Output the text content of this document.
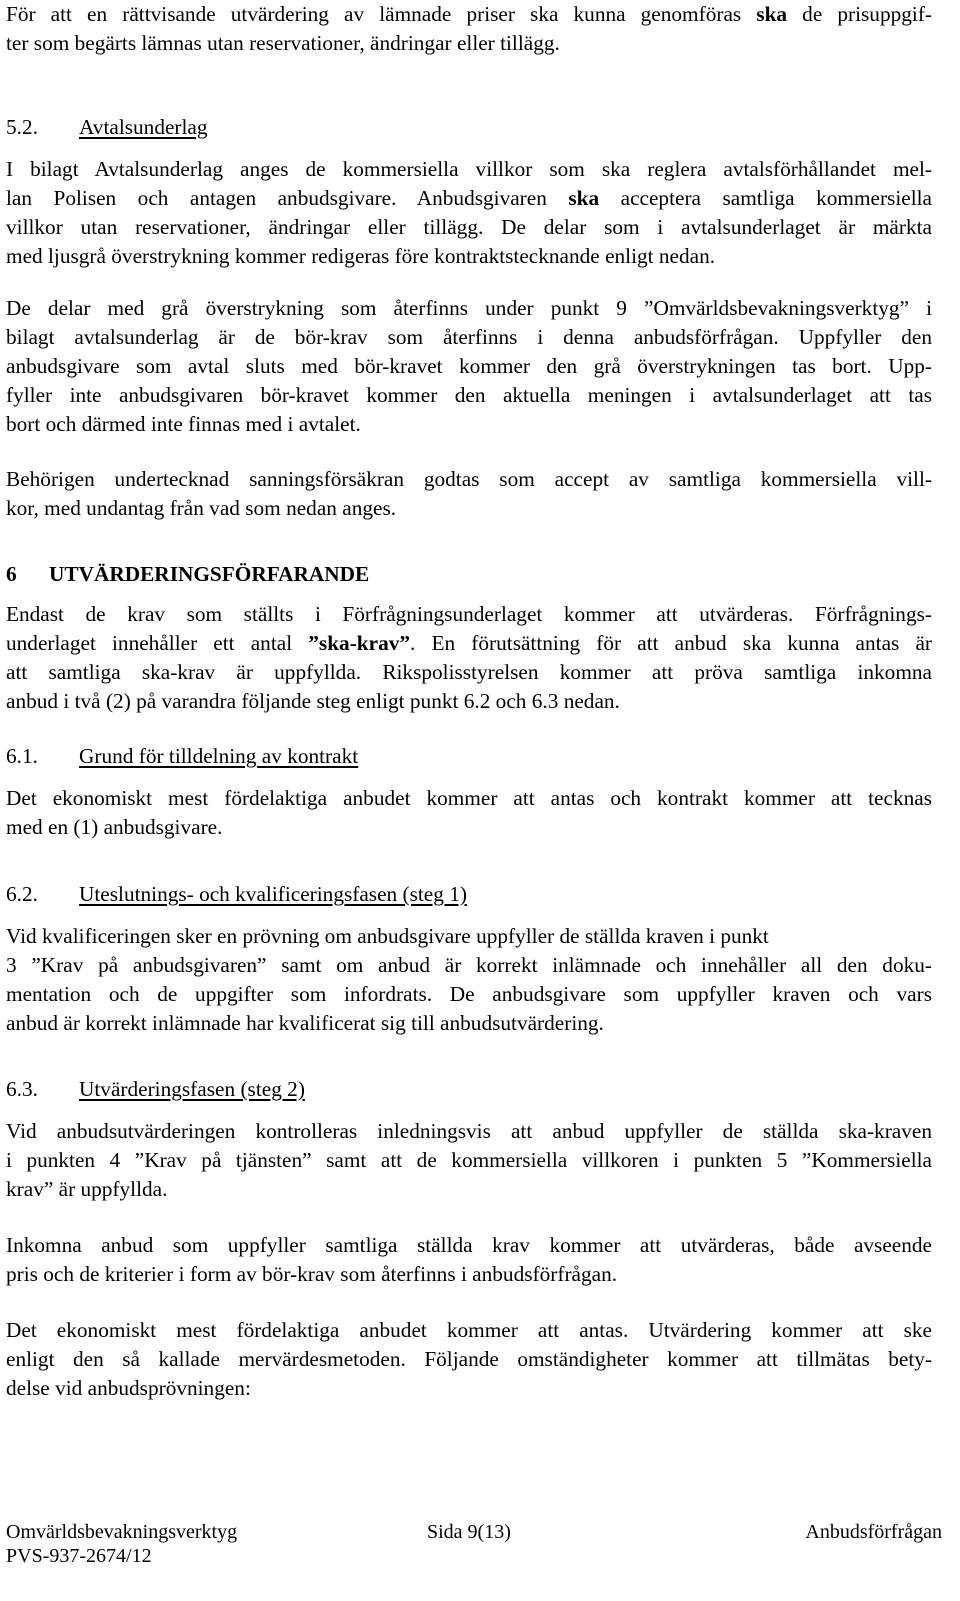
För att en rättvisande utvärdering av lämnade priser ska kunna genomföras ska de prisuppgif-
ter som begärts lämnas utan reservationer, ändringar eller tillägg.
5.2. Avtalsunderlag
I bilagt Avtalsunderlag anges de kommersiella villkor som ska reglera avtalsförhållandet mel-
lan Polisen och antagen anbudsgivare. Anbudsgivaren ska acceptera samtliga kommersiella
villkor utan reservationer, ändringar eller tillägg. De delar som i avtalsunderlaget är märkta
med ljusgrå överstrykning kommer redigeras före kontraktstecknande enligt nedan.
De delar med grå överstrykning som återfinns under punkt 9 ”Omvärldsbevakningsverktyg” i
bilagt avtalsunderlag är de bör-krav som återfinns i denna anbudsförfrågan. Uppfyller den
anbudsgivare som avtal sluts med bör-kravet kommer den grå överstrykningen tas bort. Upp-
fyller inte anbudsgivaren bör-kravet kommer den aktuella meningen i avtalsunderlaget att tas
bort och därmed inte finnas med i avtalet.
Behörigen undertecknad sanningsförsäkran godtas som accept av samtliga kommersiella vill-
kor, med undantag från vad som nedan anges.
6 UTVÄRDERINGSFÖRFARANDE
Endast de krav som ställts i Förfrågningsunderlaget kommer att utvärderas. Förfrågnings-
underlaget innehåller ett antal ”ska-krav”. En förutsättning för att anbud ska kunna antas är
att samtliga ska-krav är uppfyllda. Rikspolisstyrelsen kommer att pröva samtliga inkomna
anbud i två (2) på varandra följande steg enligt punkt 6.2 och 6.3 nedan.
6.1. Grund för tilldelning av kontrakt
Det ekonomiskt mest fördelaktiga anbudet kommer att antas och kontrakt kommer att tecknas
med en (1) anbudsgivare.
6.2. Uteslutnings- och kvalificeringsfasen (steg 1)
Vid kvalificeringen sker en prövning om anbudsgivare uppfyller de ställda kraven i punkt
3 ”Krav på anbudsgivaren” samt om anbud är korrekt inlämnade och innehåller all den doku-
mentation och de uppgifter som infordrats. De anbudsgivare som uppfyller kraven och vars
anbud är korrekt inlämnade har kvalificerat sig till anbudsutvärdering.
6.3. Utvärderingsfasen (steg 2)
Vid anbudsutvärderingen kontrolleras inledningsvis att anbud uppfyller de ställda ska-kraven
i punkten 4 ”Krav på tjänsten” samt att de kommersiella villkoren i punkten 5 ”Kommersiella
krav” är uppfyllda.
Inkomna anbud som uppfyller samtliga ställda krav kommer att utvärderas, både avseende
pris och de kriterier i form av bör-krav som återfinns i anbudsförfrågan.
Det ekonomiskt mest fördelaktiga anbudet kommer att antas. Utvärdering kommer att ske
enligt den så kallade mervärdesmetoden. Följande omständigheter kommer att tillmätas bety-
delse vid anbudsprövningen:
Omvärldsbevakningsverktyg	Sida 9(13)	Anbudsförfrågan
PVS-937-2674/12
